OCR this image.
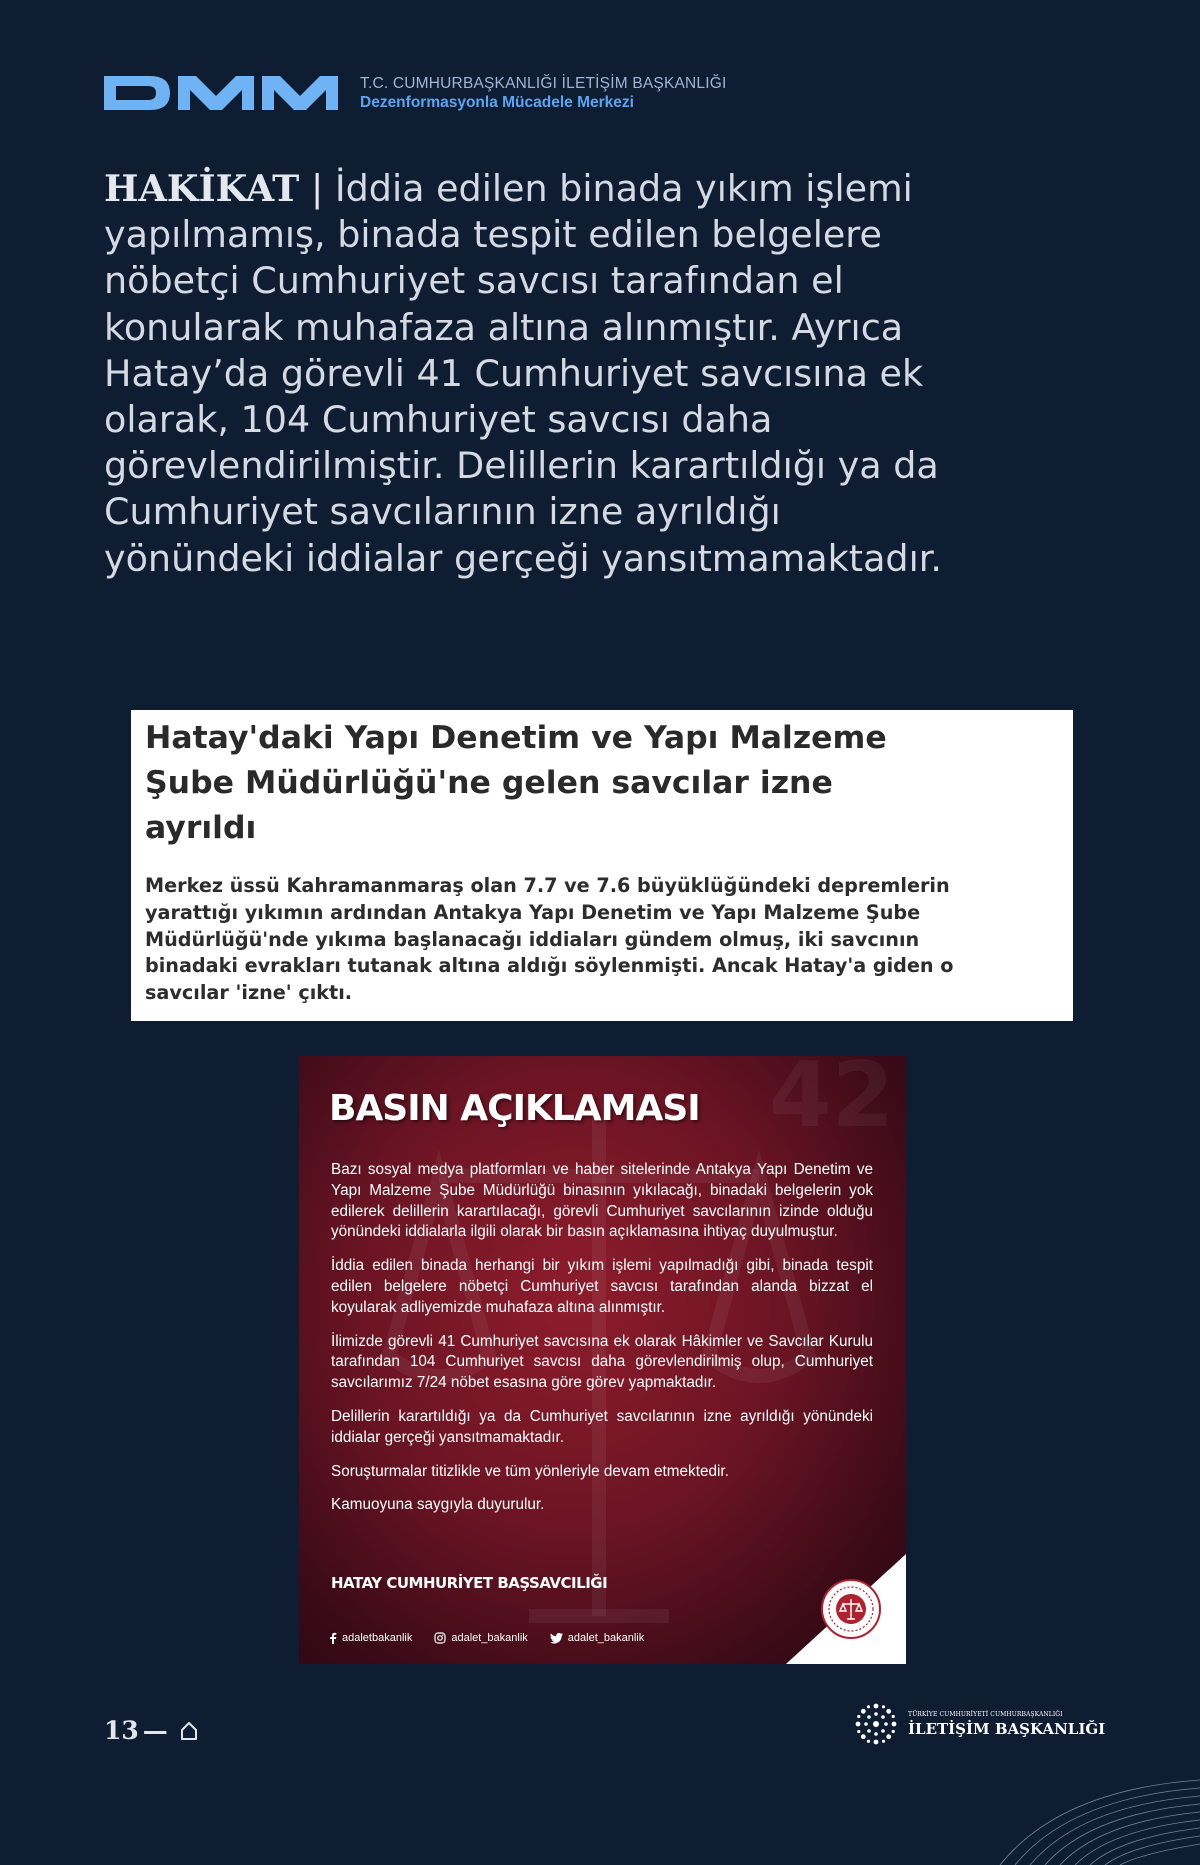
T.C. CUMHURBAŞKANLIĞI İLETİŞİM BAŞKANLIĞI
Dezenformasyonla Mücadele Merkezi

HAKİKAT | İddia edilen binada yıkım işlemi yapılmamış, binada tespit edilen belgelere nöbetçi Cumhuriyet savcısı tarafından el konularak muhafaza altına alınmıştır. Ayrıca Hatay’da görevli 41 Cumhuriyet savcısına ek olarak, 104 Cumhuriyet savcısı daha görevlendirilmiştir. Delillerin karartıldığı ya da Cumhuriyet savcılarının izne ayrıldığı yönündeki iddialar gerçeği yansıtmamaktadır.

Hatay'daki Yapı Denetim ve Yapı Malzeme Şube Müdürlüğü'ne gelen savcılar izne ayrıldı

Merkez üssü Kahramanmaraş olan 7.7 ve 7.6 büyüklüğündeki depremlerin yarattığı yıkımın ardından Antakya Yapı Denetim ve Yapı Malzeme Şube Müdürlüğü'nde yıkıma başlanacağı iddiaları gündem olmuş, iki savcının binadaki evrakları tutanak altına aldığı söylenmişti. Ancak Hatay'a giden o savcılar 'izne' çıktı.

42
BASIN AÇIKLAMASI

Bazı sosyal medya platformları ve haber sitelerinde Antakya Yapı Denetim ve Yapı Malzeme Şube Müdürlüğü binasının yıkılacağı, binadaki belgelerin yok edilerek delillerin karartılacağı, görevli Cumhuriyet savcılarının izinde olduğu yönündeki iddialarla ilgili olarak bir basın açıklamasına ihtiyaç duyulmuştur.

İddia edilen binada herhangi bir yıkım işlemi yapılmadığı gibi, binada tespit edilen belgelere nöbetçi Cumhuriyet savcısı tarafından alanda bizzat el koyularak adliyemizde muhafaza altına alınmıştır.

İlimizde görevli 41 Cumhuriyet savcısına ek olarak Hâkimler ve Savcılar Kurulu tarafından 104 Cumhuriyet savcısı daha görevlendirilmiş olup, Cumhuriyet savcılarımız 7/24 nöbet esasına göre görev yapmaktadır.

Delillerin karartıldığı ya da Cumhuriyet savcılarının izne ayrıldığı yönündeki iddialar gerçeği yansıtmamaktadır.

Soruşturmalar titizlikle ve tüm yönleriyle devam etmektedir.

Kamuoyuna saygıyla duyurulur.

HATAY CUMHURİYET BAŞSAVCILIĞI
adaletbakanlik	adalet_bakanlik	adalet_bakanlik
13 —
TÜRKİYE CUMHURİYETİ CUMHURBAŞKANLIĞI
İLETİŞİM BAŞKANLIĞI
